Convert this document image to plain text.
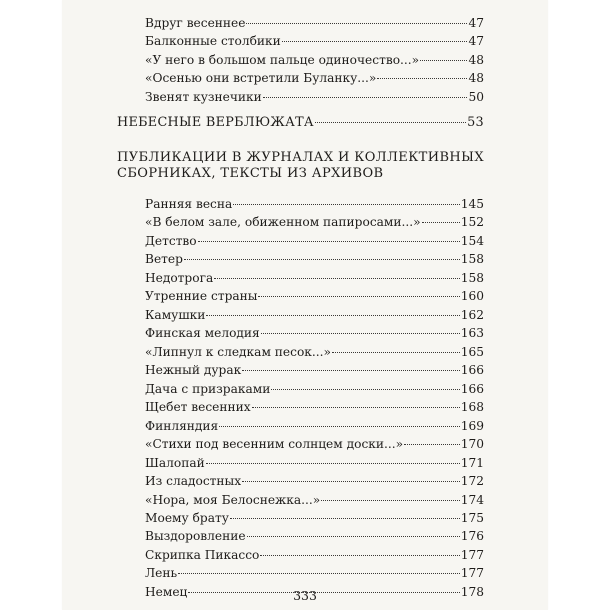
Вдруг весеннее	47
Балконные столбики	47
«У него в большом пальце одиночество...»	48
«Осенью они встретили Буланку...»	48
Звенят кузнечики	50
НЕБЕСНЫЕ ВЕРБЛЮЖАТА	53
ПУБЛИКАЦИИ В ЖУРНАЛАХ И КОЛЛЕКТИВНЫХ
СБОРНИКАХ, ТЕКСТЫ ИЗ АРХИВОВ
Ранняя весна	145
«В белом зале, обиженном папиросами...»	152
Детство	154
Ветер	158
Недотрога	158
Утренние страны	160
Камушки	162
Финская мелодия	163
«Липнул к следкам песок...»	165
Нежный дурак	166
Дача с призраками	166
Щебет весенних	168
Финляндия	169
«Стихи под весенним солнцем доски...»	170
Шалопай	171
Из сладостных	172
«Нора, моя Белоснежка...»	174
Моему брату	175
Выздоровление	176
Скрипка Пикассо	177
Лень	177
Немец	178
333
